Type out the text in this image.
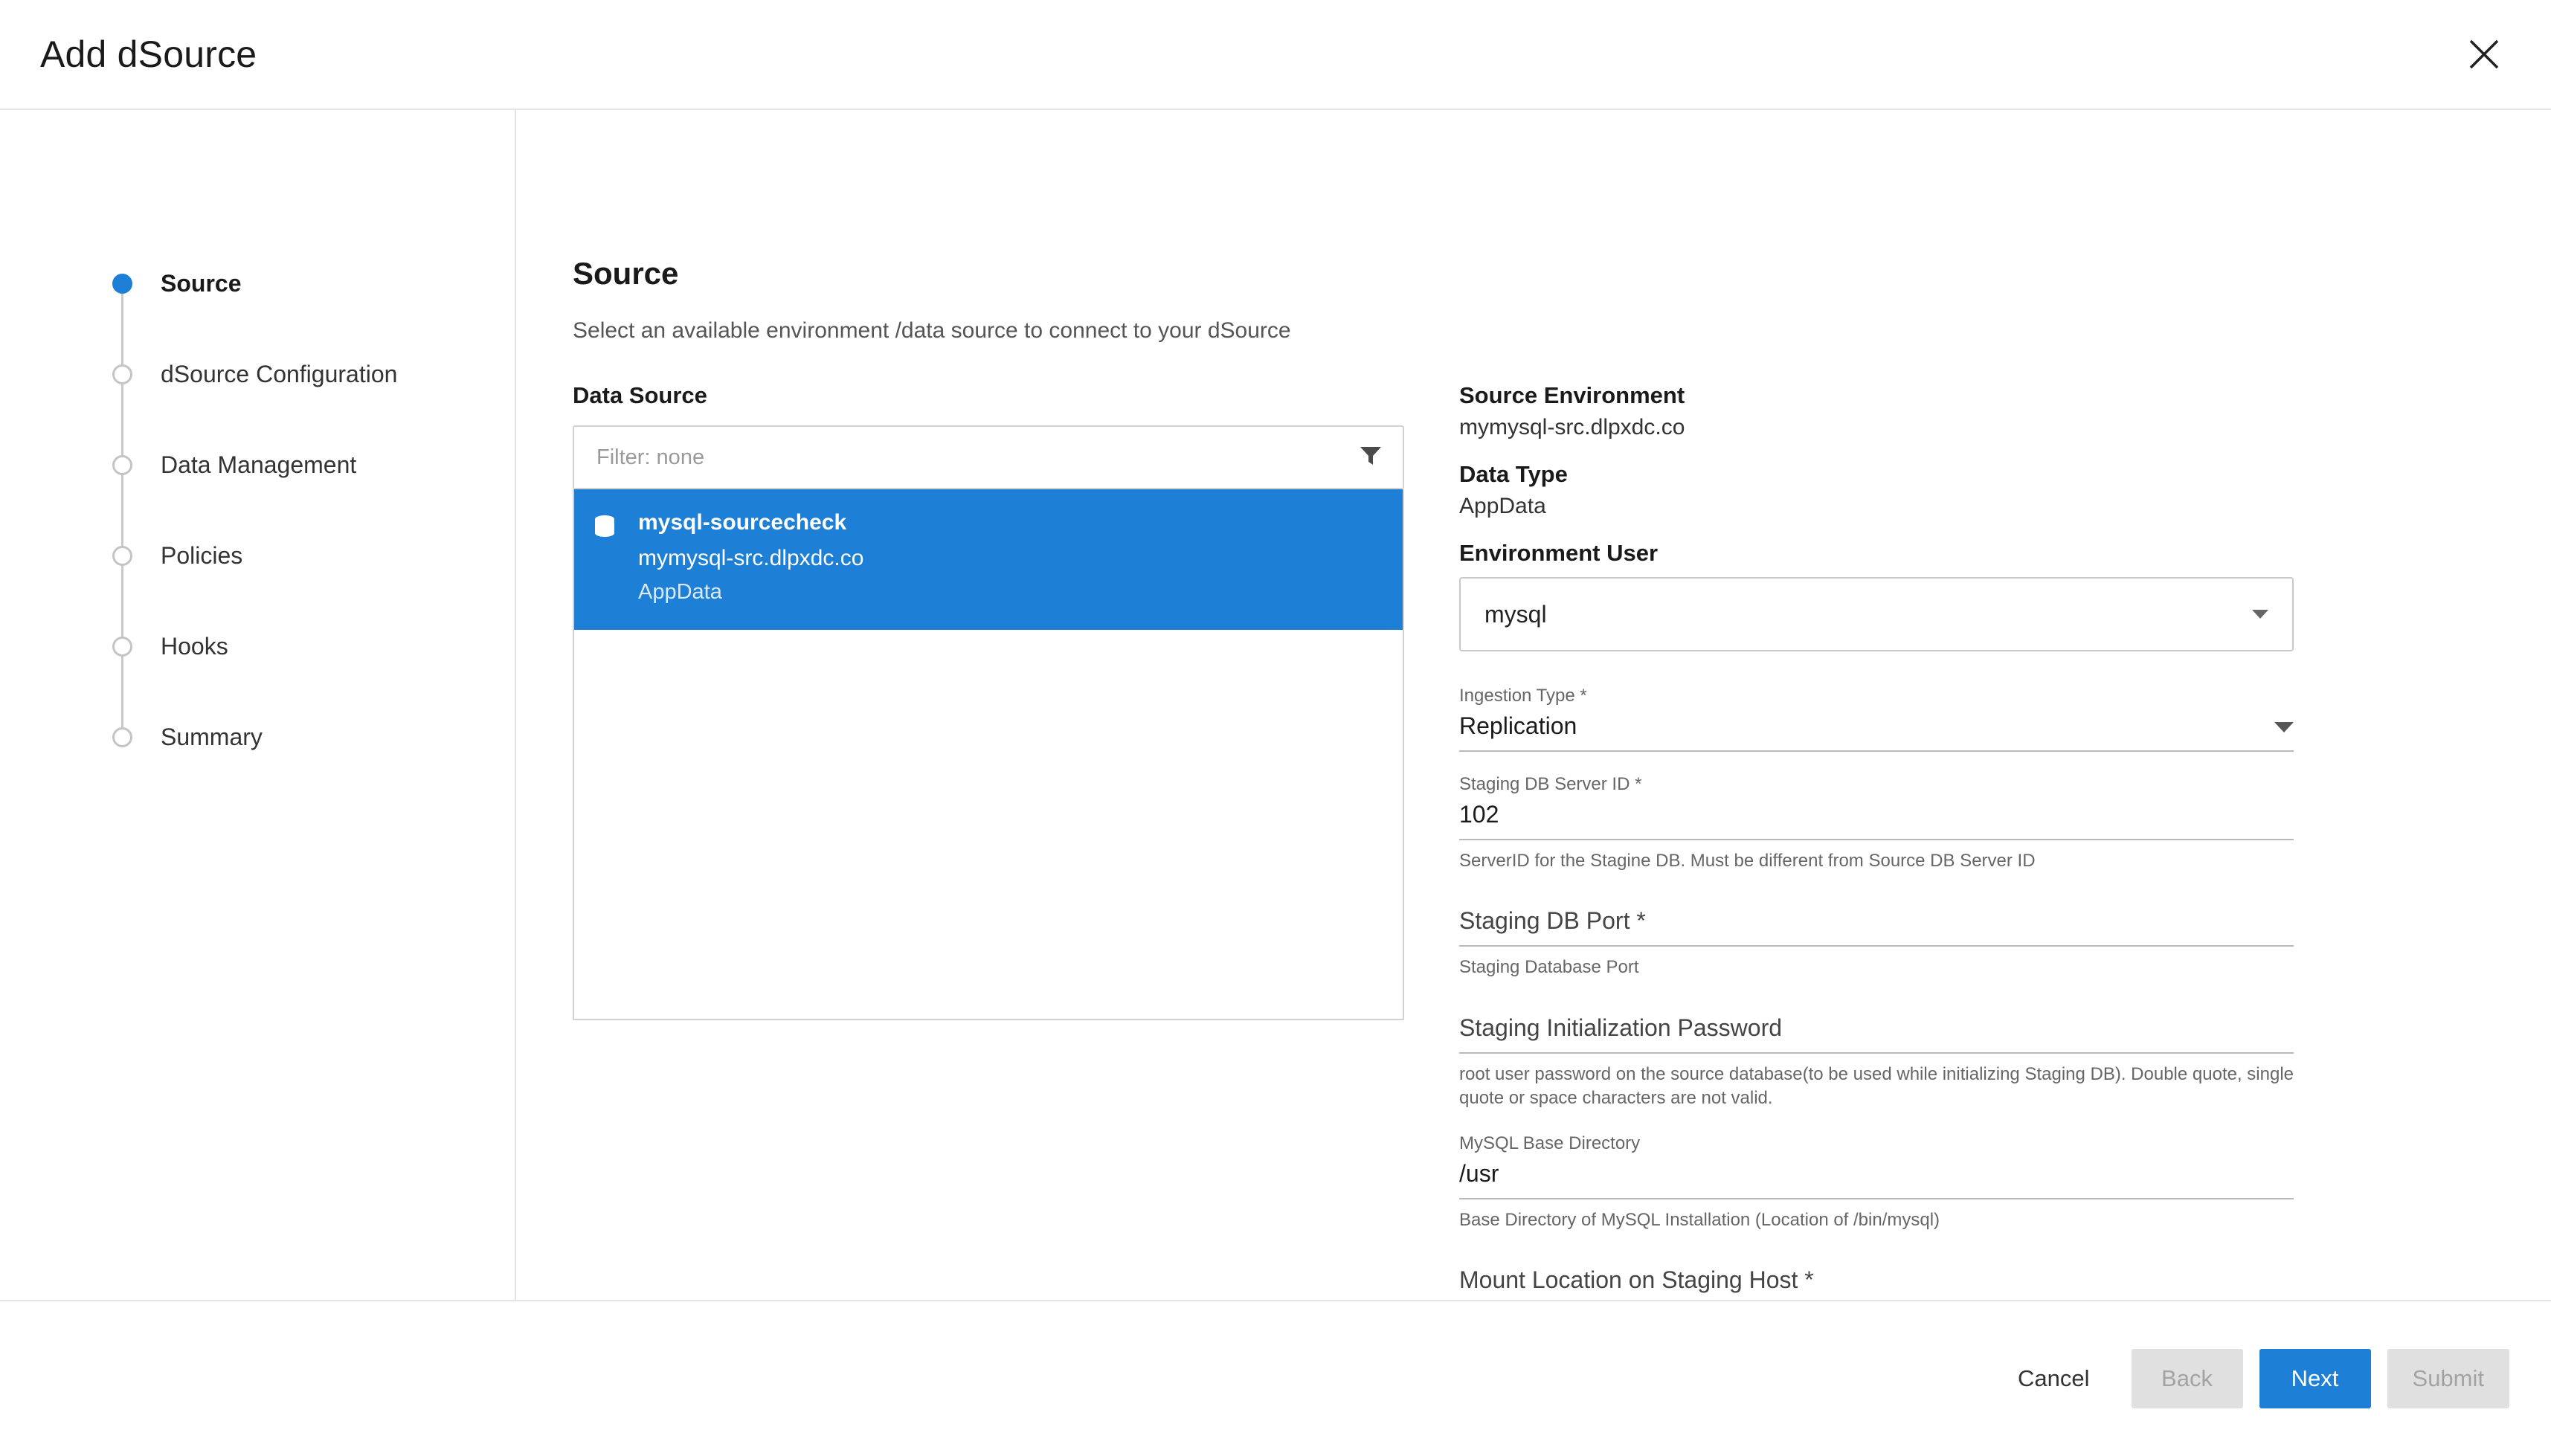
Add dSource
Source
dSource Configuration
Data Management
Policies
Hooks
Summary
Source
Select an available environment /data source to connect to your dSource
Data Source
Filter: none
mysql-sourcecheck
mymysql-src.dlpxdc.co
AppData
Source Environment
mymysql-src.dlpxdc.co
Data Type
AppData
Environment User
mysql
Ingestion Type *
Replication
Staging DB Server ID *
102
ServerID for the Stagine DB. Must be different from Source DB Server ID
Staging DB Port *
Staging Database Port
Staging Initialization Password
root user password on the source database(to be used while initializing Staging DB). Double quote, single quote or space characters are not valid.
MySQL Base Directory
/usr
Base Directory of MySQL Installation (Location of /bin/mysql)
Mount Location on Staging Host *
Cancel	Back	Next	Submit
